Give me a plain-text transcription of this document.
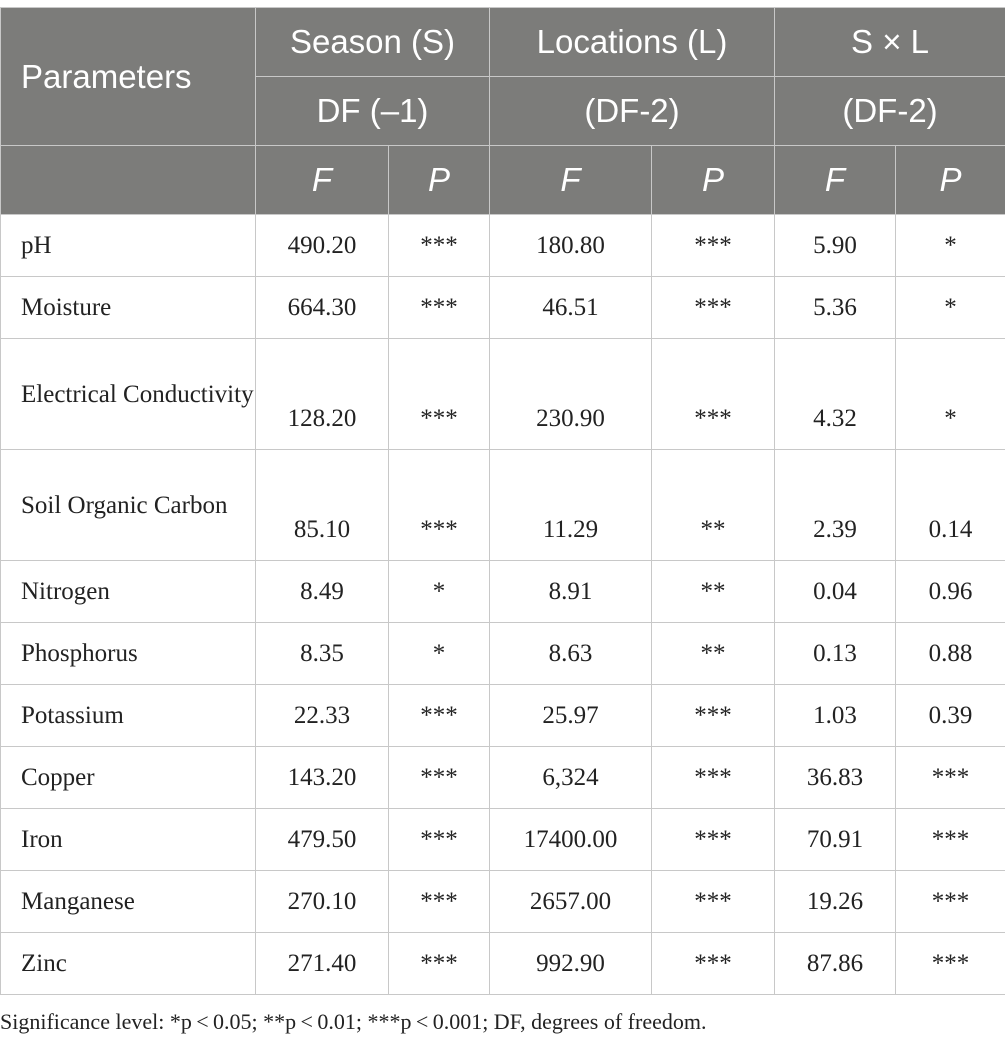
Parameters	Season (S)		Locations (L)		S × L	
	DF (–1)		(DF-2)		(DF-2)	
	F	P	F	P	F	P
pH	490.20	***	180.80	***	5.90	*
Moisture	664.30	***	46.51	***	5.36	*
Electrical Conductivity	128.20	***	230.90	***	4.32	*
Soil Organic Carbon	85.10	***	11.29	**	2.39	0.14
Nitrogen	8.49	*	8.91	**	0.04	0.96
Phosphorus	8.35	*	8.63	**	0.13	0.88
Potassium	22.33	***	25.97	***	1.03	0.39
Copper	143.20	***	6,324	***	36.83	***
Iron	479.50	***	17400.00	***	70.91	***
Manganese	270.10	***	2657.00	***	19.26	***
Zinc	271.40	***	992.90	***	87.86	***
Significance level: *p < 0.05; **p < 0.01; ***p < 0.001; DF, degrees of freedom.
